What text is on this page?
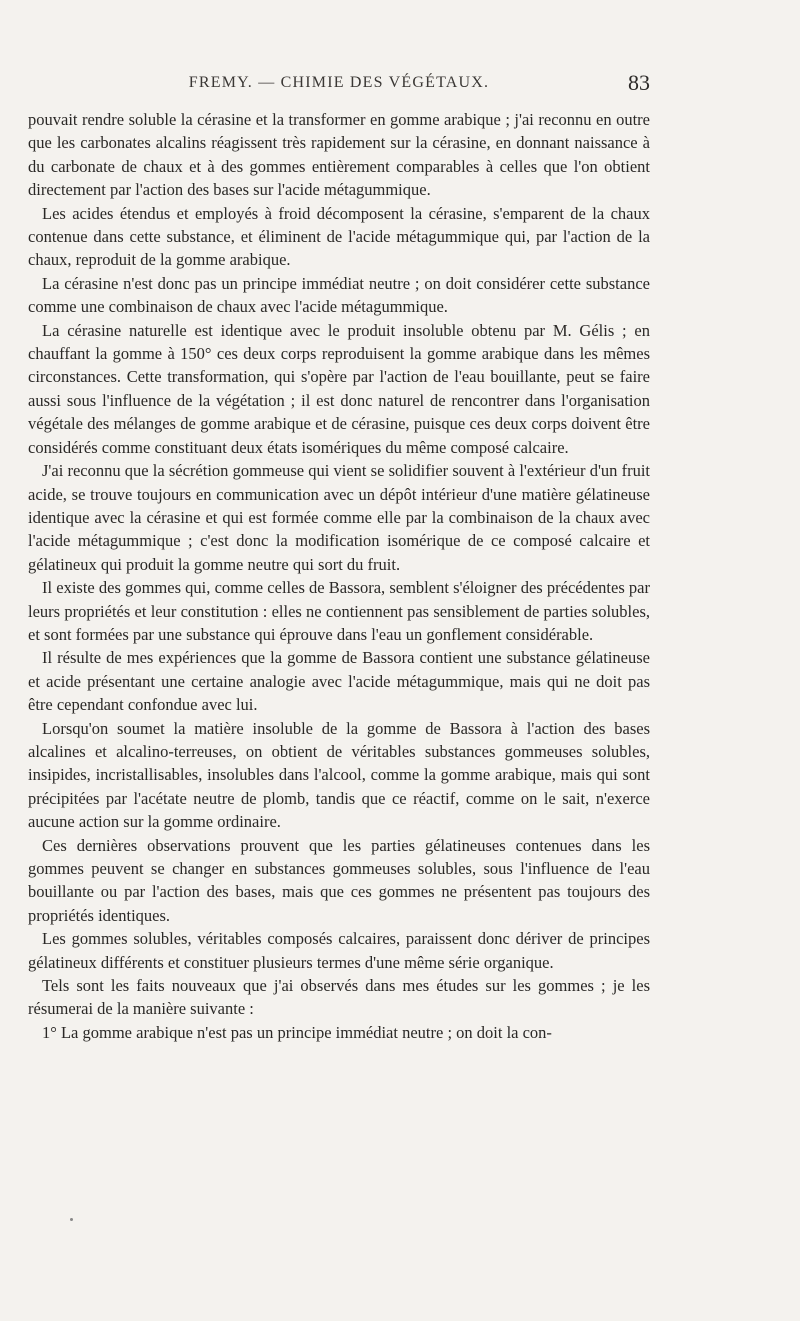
FREMY. — CHIMIE DES VÉGÉTAUX.	83

pouvait rendre soluble la cérasine et la transformer en gomme arabique ; j'ai reconnu en outre que les carbonates alcalins réagissent très rapidement sur la cérasine, en donnant naissance à du carbonate de chaux et à des gommes entièrement comparables à celles que l'on obtient directement par l'action des bases sur l'acide métagummique.

Les acides étendus et employés à froid décomposent la cérasine, s'emparent de la chaux contenue dans cette substance, et éliminent de l'acide métagummique qui, par l'action de la chaux, reproduit de la gomme arabique.

La cérasine n'est donc pas un principe immédiat neutre ; on doit considérer cette substance comme une combinaison de chaux avec l'acide métagummique.

La cérasine naturelle est identique avec le produit insoluble obtenu par M. Gélis ; en chauffant la gomme à 150° ces deux corps reproduisent la gomme arabique dans les mêmes circonstances. Cette transformation, qui s'opère par l'action de l'eau bouillante, peut se faire aussi sous l'influence de la végétation ; il est donc naturel de rencontrer dans l'organisation végétale des mélanges de gomme arabique et de cérasine, puisque ces deux corps doivent être considérés comme constituant deux états isomériques du même composé calcaire.

J'ai reconnu que la sécrétion gommeuse qui vient se solidifier souvent à l'extérieur d'un fruit acide, se trouve toujours en communication avec un dépôt intérieur d'une matière gélatineuse identique avec la cérasine et qui est formée comme elle par la combinaison de la chaux avec l'acide métagummique ; c'est donc la modification isomérique de ce composé calcaire et gélatineux qui produit la gomme neutre qui sort du fruit.

Il existe des gommes qui, comme celles de Bassora, semblent s'éloigner des précédentes par leurs propriétés et leur constitution : elles ne contiennent pas sensiblement de parties solubles, et sont formées par une substance qui éprouve dans l'eau un gonflement considérable.

Il résulte de mes expériences que la gomme de Bassora contient une substance gélatineuse et acide présentant une certaine analogie avec l'acide métagummique, mais qui ne doit pas être cependant confondue avec lui.

Lorsqu'on soumet la matière insoluble de la gomme de Bassora à l'action des bases alcalines et alcalino-terreuses, on obtient de véritables substances gommeuses solubles, insipides, incristallisables, insolubles dans l'alcool, comme la gomme arabique, mais qui sont précipitées par l'acétate neutre de plomb, tandis que ce réactif, comme on le sait, n'exerce aucune action sur la gomme ordinaire.

Ces dernières observations prouvent que les parties gélatineuses contenues dans les gommes peuvent se changer en substances gommeuses solubles, sous l'influence de l'eau bouillante ou par l'action des bases, mais que ces gommes ne présentent pas toujours des propriétés identiques.

Les gommes solubles, véritables composés calcaires, paraissent donc dériver de principes gélatineux différents et constituer plusieurs termes d'une même série organique.

Tels sont les faits nouveaux que j'ai observés dans mes études sur les gommes ; je les résumerai de la manière suivante :

1° La gomme arabique n'est pas un principe immédiat neutre ; on doit la con-
